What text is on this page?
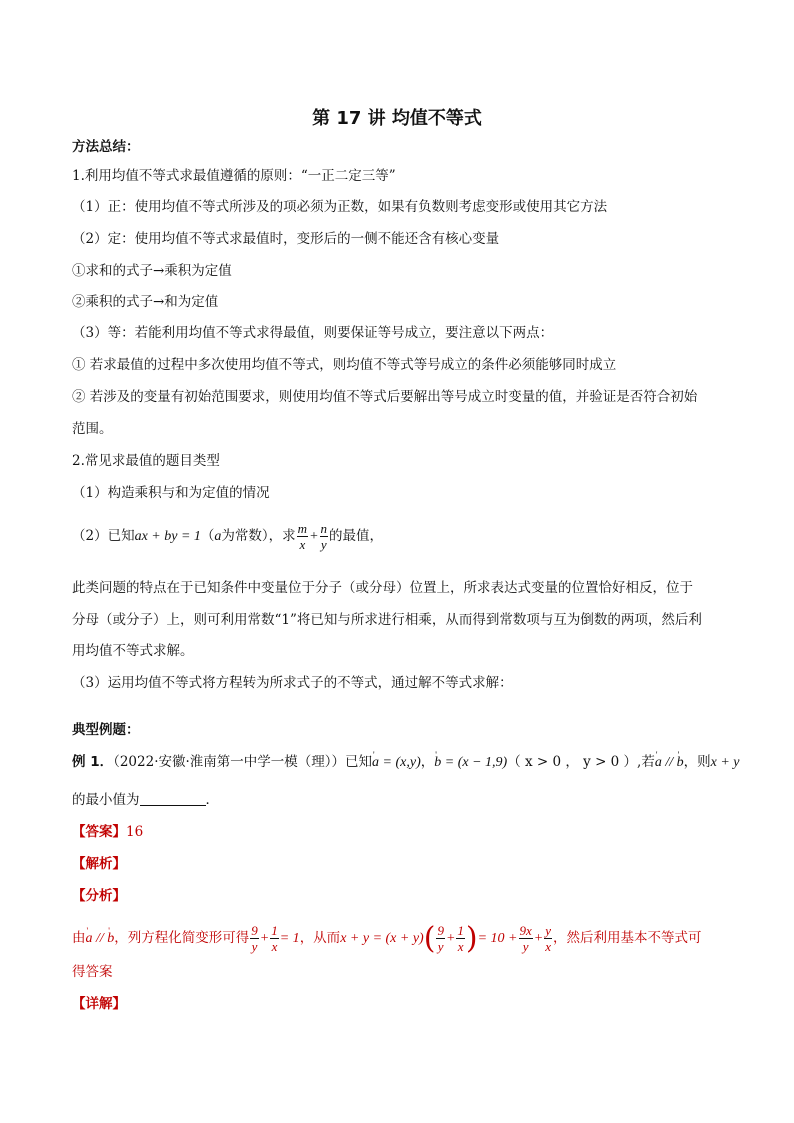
第 17 讲 均值不等式
方法总结：
1.利用均值不等式求最值遵循的原则：“一正二定三等”
（1）正：使用均值不等式所涉及的项必须为正数，如果有负数则考虑变形或使用其它方法
（2）定：使用均值不等式求最值时，变形后的一侧不能还含有核心变量
①求和的式子→乘积为定值
②乘积的式子→和为定值
（3）等：若能利用均值不等式求得最值，则要保证等号成立，要注意以下两点：
① 若求最值的过程中多次使用均值不等式，则均值不等式等号成立的条件必须能够同时成立
② 若涉及的变量有初始范围要求，则使用均值不等式后要解出等号成立时变量的值，并验证是否符合初始
范围。
2.常见求最值的题目类型
（1）构造乘积与和为定值的情况
（2）已知ax + by = 1（a为常数），求 $\frac{m}{x} + \frac{n}{y}$ 的最值，
此类问题的特点在于已知条件中变量位于分子（或分母）位置上，所求表达式变量的位置恰好相反，位于
分母（或分子）上，则可利用常数“1”将已知与所求进行相乘，从而得到常数项与互为倒数的两项，然后利
用均值不等式求解。
（3）运用均值不等式将方程转为所求式子的不等式，通过解不等式求解：
典型例题：
例 1．（2022·安徽·淮南第一中学一模（理））已知' a = (x,y)，' b = (x − 1,9)（ x > 0 ， y > 0 ）,若' a // ' b，则x + y
的最小值为	．
【答案】16
【解析】
【分析】
由' a // ' b，列方程化简变形可得 $\frac{9}{y} + \frac{1}{x} = 1$，从而$x + y = (x + y)( \frac{9}{y} + \frac{1}{x}$ )= $10 + \frac{9x}{y} + \frac{y}{x}$ ，然后利用基本不等式可
得答案
【详解】
